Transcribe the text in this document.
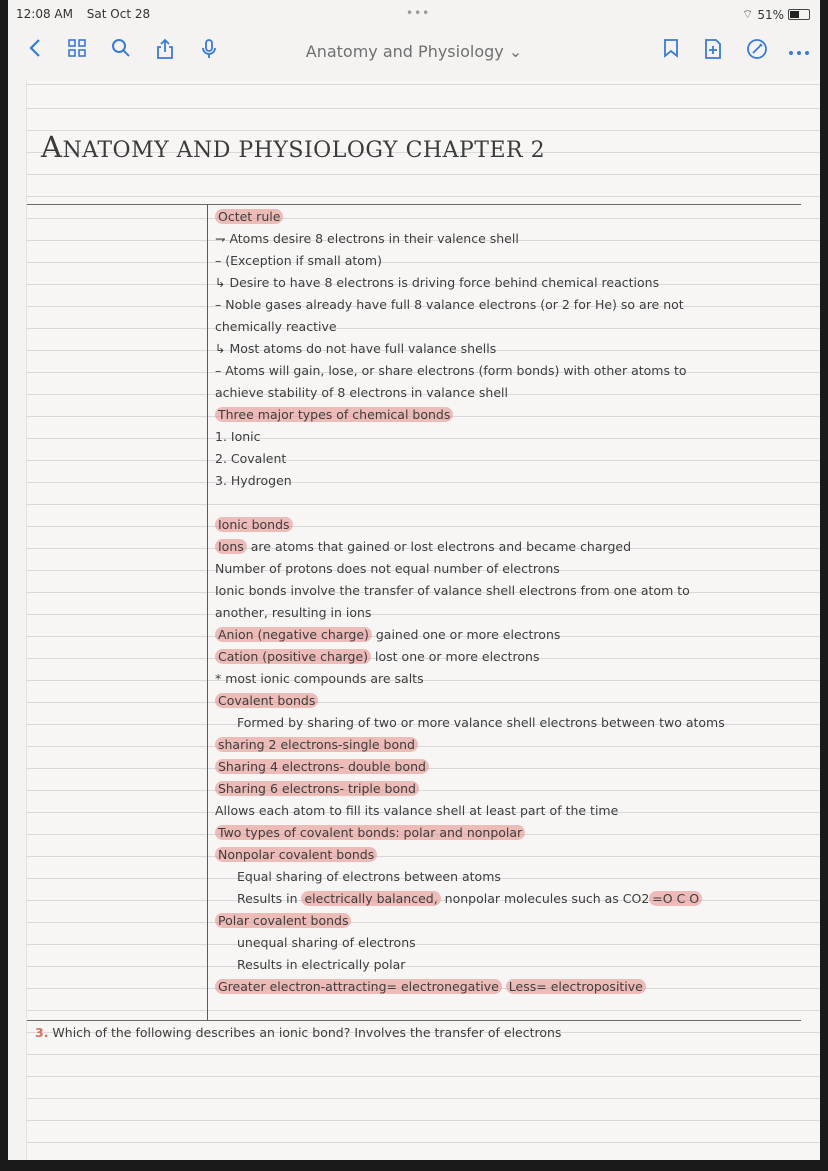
12:08 AM Sat Oct 28	•••	⌔ 51%
Anatomy and Physiology ⌄
ANATOMY AND PHYSIOLOGY CHAPTER 2
Octet rule
⇁ Atoms desire 8 electrons in their valence shell
– (Exception if small atom)
↳ Desire to have 8 electrons is driving force behind chemical reactions
– Noble gases already have full 8 valance electrons (or 2 for He) so are not
chemically reactive
↳ Most atoms do not have full valance shells
– Atoms will gain, lose, or share electrons (form bonds) with other atoms to
achieve stability of 8 electrons in valance shell
Three major types of chemical bonds
1. Ionic
2. Covalent
3. Hydrogen
Ionic bonds
Ions are atoms that gained or lost electrons and became charged
Number of protons does not equal number of electrons
Ionic bonds involve the transfer of valance shell electrons from one atom to
another, resulting in ions
Anion (negative charge) gained one or more electrons
Cation (positive charge) lost one or more electrons
* most ionic compounds are salts
Covalent bonds
Formed by sharing of two or more valance shell electrons between two atoms
sharing 2 electrons-single bond
Sharing 4 electrons- double bond
Sharing 6 electrons- triple bond
Allows each atom to fill its valance shell at least part of the time
Two types of covalent bonds: polar and nonpolar
Nonpolar covalent bonds
Equal sharing of electrons between atoms
Results in electrically balanced, nonpolar molecules such as CO2 =O C O
Polar covalent bonds
unequal sharing of electrons
Results in electrically polar
Greater electron-attracting= electronegative Less= electropositive
3. Which of the following describes an ionic bond? Involves the transfer of electrons
